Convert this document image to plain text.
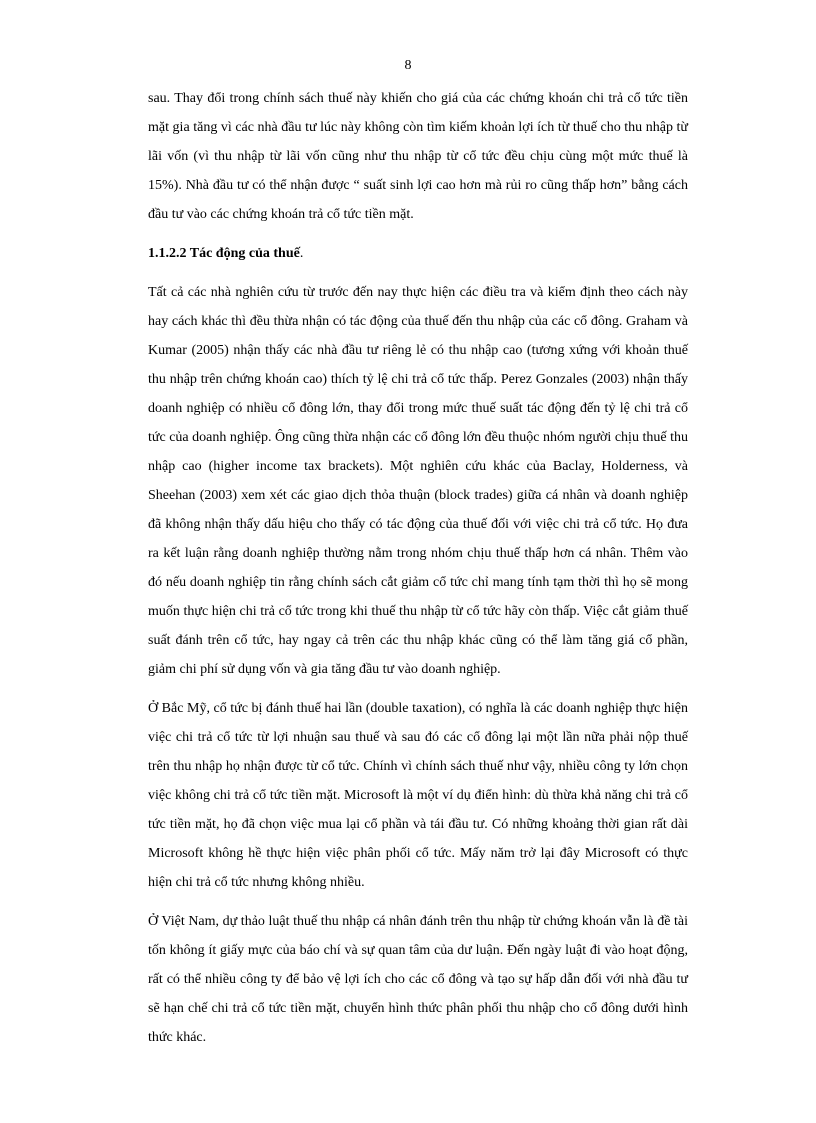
8

sau. Thay đổi trong chính sách thuế này khiến cho giá của các chứng khoán chi trả cổ tức tiền mặt gia tăng vì các nhà đầu tư lúc này không còn tìm kiếm khoản lợi ích từ thuế cho thu nhập từ lãi vốn (vì thu nhập từ lãi vốn cũng như thu nhập từ cổ tức đều chịu cùng một mức thuế là 15%). Nhà đầu tư có thể nhận được “ suất sinh lợi cao hơn mà rủi ro cũng thấp hơn” bằng cách đầu tư vào các chứng khoán trả cổ tức tiền mặt.

1.1.2.2 Tác động của thuế.

Tất cả các nhà nghiên cứu từ trước đến nay thực hiện các điều tra và kiểm định theo cách này hay cách khác thì đều thừa nhận có tác động của thuế đến thu nhập của các cổ đông. Graham và Kumar (2005) nhận thấy các nhà đầu tư riêng lẻ có thu nhập cao (tương xứng với khoản thuế thu nhập trên chứng khoán cao) thích tỷ lệ chi trả cổ tức thấp. Perez Gonzales (2003) nhận thấy doanh nghiệp có nhiều cổ đông lớn, thay đổi trong mức thuế suất tác động đến tỷ lệ chi trả cổ tức của doanh nghiệp. Ông cũng thừa nhận các cổ đông lớn đều thuộc nhóm người chịu thuế thu nhập cao (higher income tax brackets). Một nghiên cứu khác của Baclay, Holderness, và Sheehan (2003) xem xét các giao dịch thỏa thuận (block trades) giữa cá nhân và doanh nghiệp đã không nhận thấy dấu hiệu cho thấy có tác động của thuế đối với việc chi trả cổ tức. Họ đưa ra kết luận rằng doanh nghiệp thường nằm trong nhóm chịu thuế thấp hơn cá nhân. Thêm vào đó nếu doanh nghiệp tin rằng chính sách cắt giảm cổ tức chỉ mang tính tạm thời thì họ sẽ mong muốn thực hiện chi trả cổ tức trong khi thuế thu nhập từ cổ tức hãy còn thấp. Việc cắt giảm thuế suất đánh trên cổ tức, hay ngay cả trên các thu nhập khác cũng có thể làm tăng giá cổ phần, giảm chi phí sử dụng vốn và gia tăng đầu tư vào doanh nghiệp.

Ở Bắc Mỹ, cổ tức bị đánh thuế hai lần (double taxation), có nghĩa là các doanh nghiệp thực hiện việc chi trả cổ tức từ lợi nhuận sau thuế và sau đó các cổ đông lại một lần nữa phải nộp thuế trên thu nhập họ nhận được từ cổ tức. Chính vì chính sách thuế như vậy, nhiều công ty lớn chọn việc không chi trả cổ tức tiền mặt. Microsoft là một ví dụ điển hình: dù thừa khả năng chi trả cổ tức tiền mặt, họ đã chọn việc mua lại cổ phần và tái đầu tư. Có những khoảng thời gian rất dài Microsoft không hề thực hiện việc phân phối cổ tức. Mấy năm trở lại đây Microsoft có thực hiện chi trả cổ tức nhưng không nhiều.

Ở Việt Nam, dự thảo luật thuế thu nhập cá nhân đánh trên thu nhập từ chứng khoán vẫn là đề tài tốn không ít giấy mực của báo chí và sự quan tâm của dư luận. Đến ngày luật đi vào hoạt động, rất có thể nhiều công ty để bảo vệ lợi ích cho các cổ đông và tạo sự hấp dẫn đối với nhà đầu tư sẽ hạn chế chi trả cổ tức tiền mặt, chuyển hình thức phân phối thu nhập cho cổ đông dưới hình thức khác.
